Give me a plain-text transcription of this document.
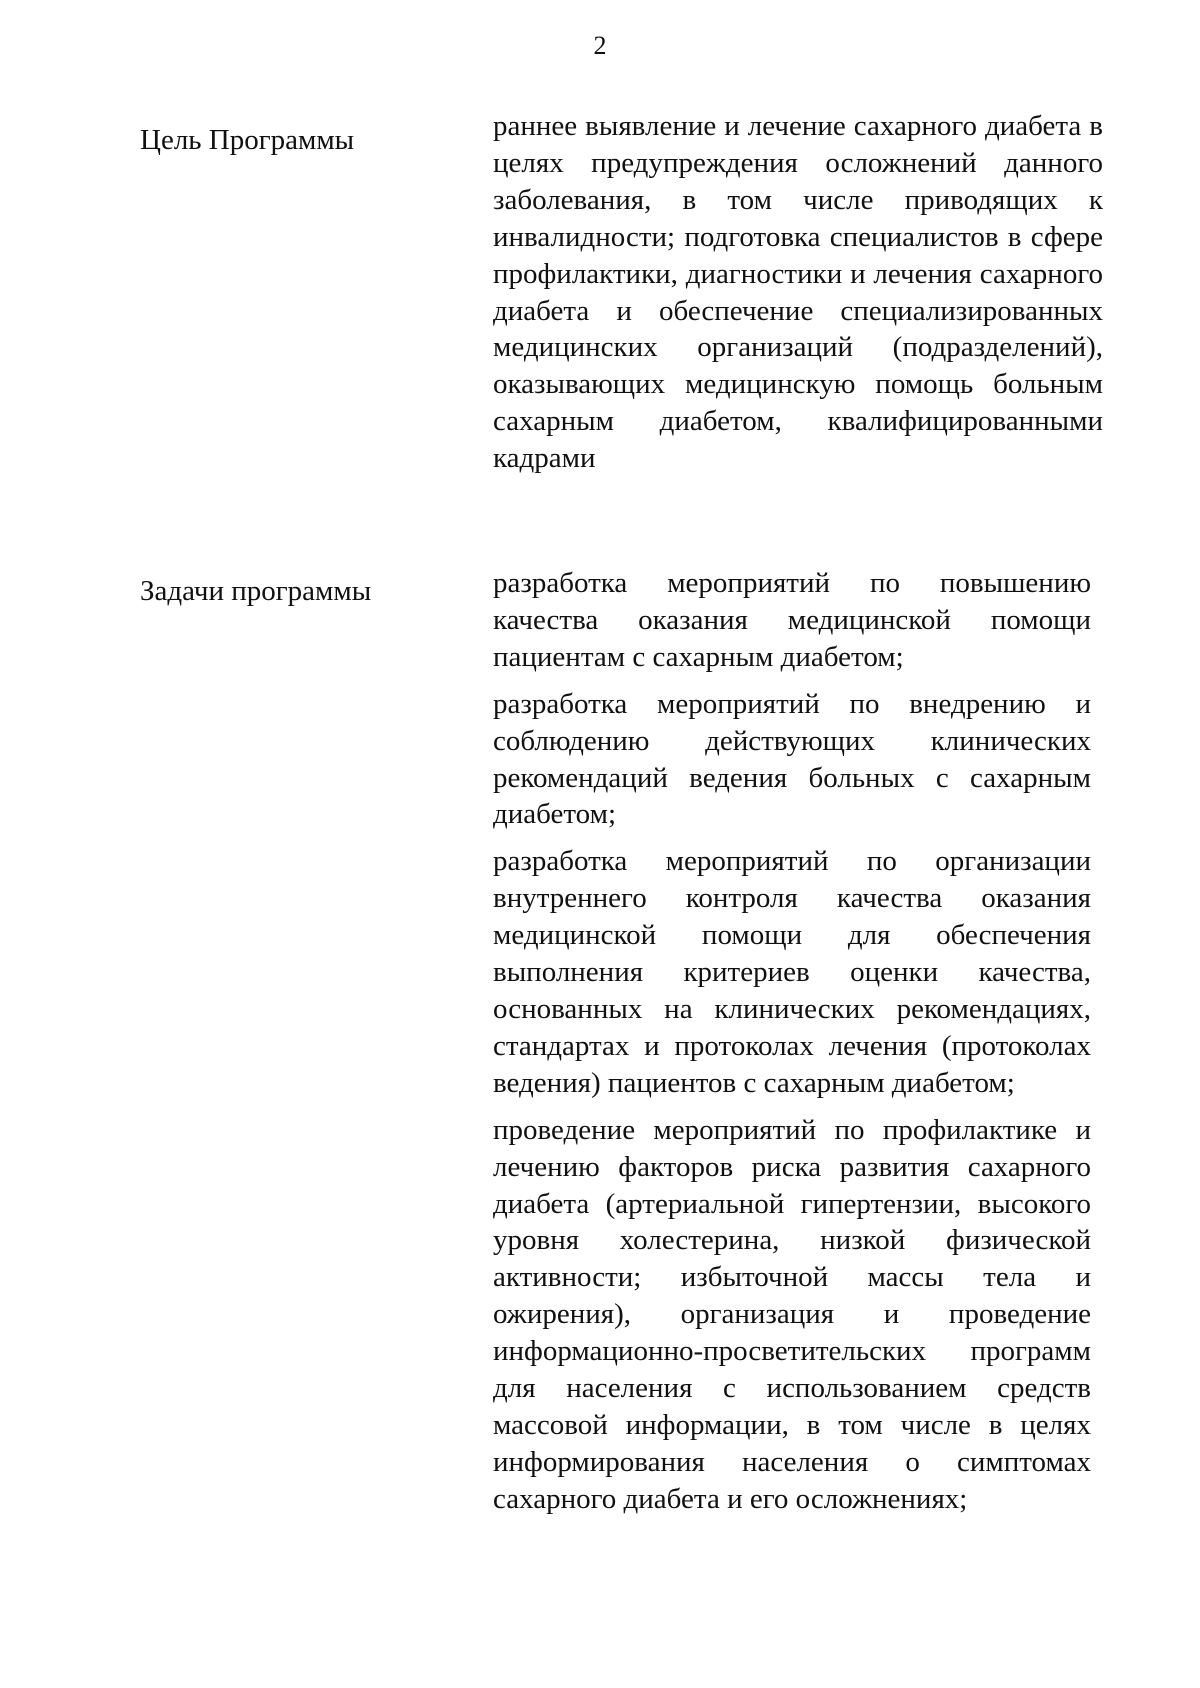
2
Цель Программы	раннее выявление и лечение сахарного диабета в целях предупреждения осложнений данного заболевания, в том числе приводящих к инвалидности; подготовка специалистов в сфере профилактики, диагностики и лечения сахарного диабета и обеспечение специализированных медицинских организаций (подразделений), оказывающих медицинскую помощь больным сахарным диабетом, квалифицированными кадрами

Задачи программы	разработка мероприятий по повышению качества оказания медицинской помощи пациентам с сахарным диабетом;

разработка мероприятий по внедрению и соблюдению действующих клинических рекомендаций ведения больных с сахарным диабетом;

разработка мероприятий по организации внутреннего контроля качества оказания медицинской помощи для обеспечения выполнения критериев оценки качества, основанных на клинических рекомендациях, стандартах и протоколах лечения (протоколах ведения) пациентов с сахарным диабетом;

проведение мероприятий по профилактике и лечению факторов риска развития сахарного диабета (артериальной гипертензии, высокого уровня холестерина, низкой физической активности; избыточной массы тела и ожирения), организация и проведение информационно-просветительских программ для населения с использованием средств массовой информации, в том числе в целях информирования населения о симптомах сахарного диабета и его осложнениях;
